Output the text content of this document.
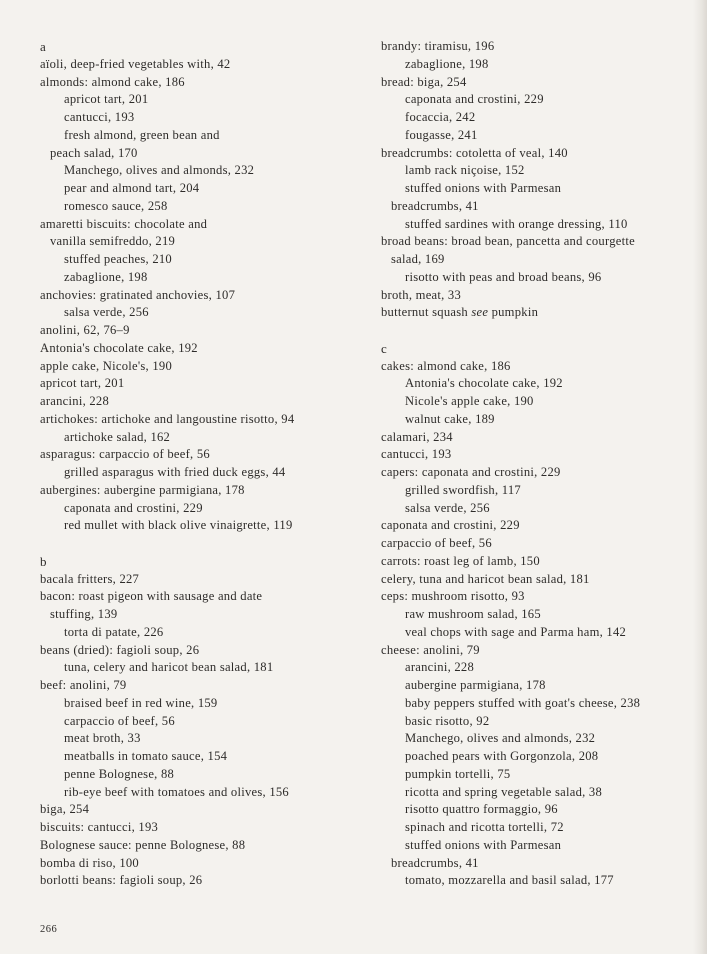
a
aïoli, deep-fried vegetables with, 42
almonds: almond cake, 186
apricot tart, 201
cantucci, 193
fresh almond, green bean and
peach salad, 170
Manchego, olives and almonds, 232
pear and almond tart, 204
romesco sauce, 258
amaretti biscuits: chocolate and
vanilla semifreddo, 219
stuffed peaches, 210
zabaglione, 198
anchovies: gratinated anchovies, 107
salsa verde, 256
anolini, 62, 76–9
Antonia's chocolate cake, 192
apple cake, Nicole's, 190
apricot tart, 201
arancini, 228
artichokes: artichoke and langoustine risotto, 94
artichoke salad, 162
asparagus: carpaccio of beef, 56
grilled asparagus with fried duck eggs, 44
aubergines: aubergine parmigiana, 178
caponata and crostini, 229
red mullet with black olive vinaigrette, 119
b
bacala fritters, 227
bacon: roast pigeon with sausage and date
stuffing, 139
torta di patate, 226
beans (dried): fagioli soup, 26
tuna, celery and haricot bean salad, 181
beef: anolini, 79
braised beef in red wine, 159
carpaccio of beef, 56
meat broth, 33
meatballs in tomato sauce, 154
penne Bolognese, 88
rib-eye beef with tomatoes and olives, 156
biga, 254
biscuits: cantucci, 193
Bolognese sauce: penne Bolognese, 88
bomba di riso, 100
borlotti beans: fagioli soup, 26
brandy: tiramisu, 196
zabaglione, 198
bread: biga, 254
caponata and crostini, 229
focaccia, 242
fougasse, 241
breadcrumbs: cotoletta of veal, 140
lamb rack niçoise, 152
stuffed onions with Parmesan
breadcrumbs, 41
stuffed sardines with orange dressing, 110
broad beans: broad bean, pancetta and courgette
salad, 169
risotto with peas and broad beans, 96
broth, meat, 33
butternut squash see pumpkin
c
cakes: almond cake, 186
Antonia's chocolate cake, 192
Nicole's apple cake, 190
walnut cake, 189
calamari, 234
cantucci, 193
capers: caponata and crostini, 229
grilled swordfish, 117
salsa verde, 256
caponata and crostini, 229
carpaccio of beef, 56
carrots: roast leg of lamb, 150
celery, tuna and haricot bean salad, 181
ceps: mushroom risotto, 93
raw mushroom salad, 165
veal chops with sage and Parma ham, 142
cheese: anolini, 79
arancini, 228
aubergine parmigiana, 178
baby peppers stuffed with goat's cheese, 238
basic risotto, 92
Manchego, olives and almonds, 232
poached pears with Gorgonzola, 208
pumpkin tortelli, 75
ricotta and spring vegetable salad, 38
risotto quattro formaggio, 96
spinach and ricotta tortelli, 72
stuffed onions with Parmesan
breadcrumbs, 41
tomato, mozzarella and basil salad, 177
266
